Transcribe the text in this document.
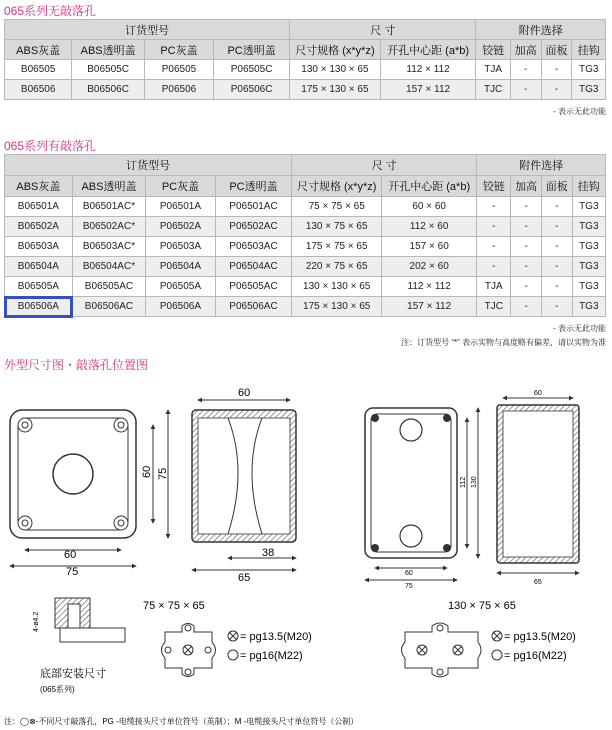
065系列无敲落孔
订货型号				尺 寸		附件选择			
ABS灰盖	ABS透明盖	PC灰盖	PC透明盖	尺寸规格 (x*y*z)	开孔中心距 (a*b)	铰链	加高	面板	挂钩
B06505	B06505C	P06505	P06505C	130 × 130 × 65	112 × 112	TJA	-	-	TG3
B06506	B06506C	P06506	P06506C	175 × 130 × 65	157 × 112	TJC	-	-	TG3
- 表示无此功能
065系列有敲落孔
订货型号				尺 寸		附件选择			
ABS灰盖	ABS透明盖	PC灰盖	PC透明盖	尺寸规格 (x*y*z)	开孔中心距 (a*b)	铰链	加高	面板	挂钩
B06501A	B06501AC*	P06501A	P06501AC	75 × 75 × 65	60 × 60	-	-	-	TG3
B06502A	B06502AC*	P06502A	P06502AC	130 × 75 × 65	112 × 60	-	-	-	TG3
B06503A	B06503AC*	P06503A	P06503AC	175 × 75 × 65	157 × 60	-	-	-	TG3
B06504A	B06504AC*	P06504A	P06504AC	220 × 75 × 65	202 × 60	-	-	-	TG3
B06505A	B06505AC	P06505A	P06505AC	130 × 130 × 65	112 × 112	TJA	-	-	TG3
B06506A	B06506AC	P06506A	P06506AC	175 × 130 × 65	157 × 112	TJC	-	-	TG3
- 表示无此功能
注：订货型号 “*” 表示实物与高度略有偏差，请以实物为准
外型尺寸图・敲落孔位置图
60
75
60 75
60
38
65
112 130
60
75
60
65
75 × 75 × 65	130 × 75 × 65
4-ø4.2
= pg13.5(M20)
= pg16(M22)
= pg13.5(M20)
= pg16(M22)
底部安装尺寸
(065系列)
注：◯⊗-不同尺寸敲落孔，PG -电缆接头尺寸单位符号（英制）；M -电缆接头尺寸单位符号（公制）
